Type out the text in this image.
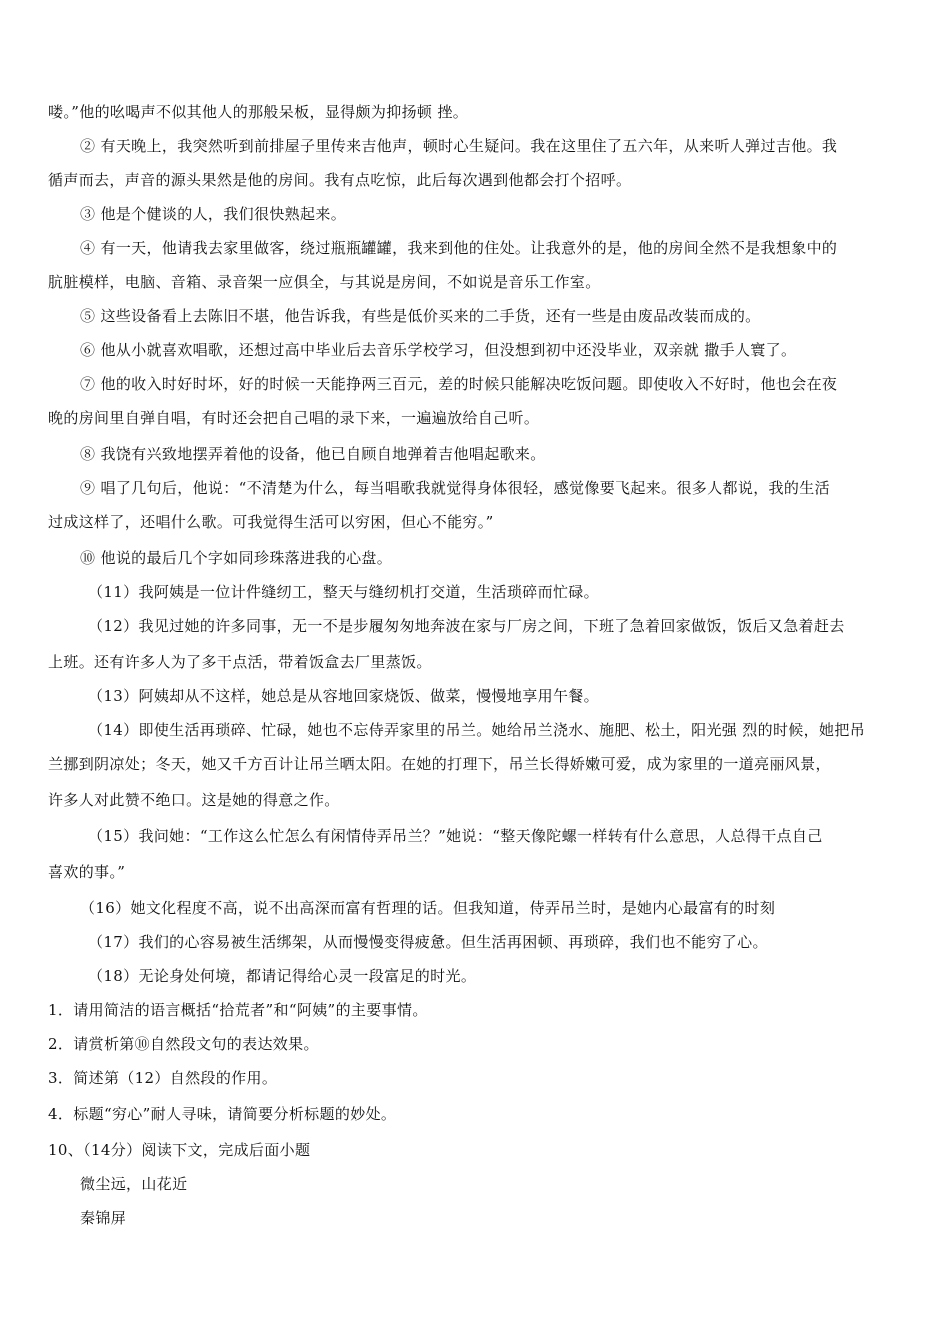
喽。”他的吆喝声不似其他人的那般呆板，显得颇为抑扬顿 挫。
② 有天晚上，我突然听到前排屋子里传来吉他声，顿时心生疑问。我在这里住了五六年，从来听人弹过吉他。我
循声而去，声音的源头果然是他的房间。我有点吃惊，此后每次遇到他都会打个招呼。
③ 他是个健谈的人，我们很快熟起来。
④ 有一天，他请我去家里做客，绕过瓶瓶罐罐，我来到他的住处。让我意外的是，他的房间全然不是我想象中的
肮脏模样，电脑、音箱、录音架一应俱全，与其说是房间，不如说是音乐工作室。
⑤ 这些设备看上去陈旧不堪，他告诉我，有些是低价买来的二手货，还有一些是由废品改装而成的。
⑥ 他从小就喜欢唱歌，还想过高中毕业后去音乐学校学习，但没想到初中还没毕业，双亲就 撒手人寰了。
⑦ 他的收入时好时坏，好的时候一天能挣两三百元，差的时候只能解决吃饭问题。即使收入不好时，他也会在夜
晚的房间里自弹自唱，有时还会把自己唱的录下来，一遍遍放给自己听。
⑧ 我饶有兴致地摆弄着他的设备，他已自顾自地弹着吉他唱起歌来。
⑨ 唱了几句后，他说：“不清楚为什么，每当唱歌我就觉得身体很轻，感觉像要飞起来。很多人都说，我的生活
过成这样了，还唱什么歌。可我觉得生活可以穷困，但心不能穷。”
⑩ 他说的最后几个字如同珍珠落进我的心盘。
（11）我阿姨是一位计件缝纫工，整天与缝纫机打交道，生活琐碎而忙碌。
（12）我见过她的许多同事，无一不是步履匆匆地奔波在家与厂房之间，下班了急着回家做饭，饭后又急着赶去
上班。还有许多人为了多干点活，带着饭盒去厂里蒸饭。
（13）阿姨却从不这样，她总是从容地回家烧饭、做菜，慢慢地享用午餐。
（14）即使生活再琐碎、忙碌，她也不忘侍弄家里的吊兰。她给吊兰浇水、施肥、松土，阳光强 烈的时候，她把吊
兰挪到阴凉处；冬天，她又千方百计让吊兰晒太阳。在她的打理下，吊兰长得娇嫩可爱，成为家里的一道亮丽风景，
许多人对此赞不绝口。这是她的得意之作。
（15）我问她：“工作这么忙怎么有闲情侍弄吊兰？”她说：“整天像陀螺一样转有什么意思，人总得干点自己
喜欢的事。”
（16）她文化程度不高，说不出高深而富有哲理的话。但我知道，侍弄吊兰时，是她内心最富有的时刻
（17）我们的心容易被生活绑架，从而慢慢变得疲惫。但生活再困顿、再琐碎，我们也不能穷了心。
（18）无论身处何境，都请记得给心灵一段富足的时光。
1．请用简洁的语言概括“拾荒者”和“阿姨”的主要事情。
2．请赏析第⑩自然段文句的表达效果。
3．简述第（12）自然段的作用。
4．标题“穷心”耐人寻味，请简要分析标题的妙处。
10、（14分）阅读下文，完成后面小题
微尘远，山花近
秦锦屏
